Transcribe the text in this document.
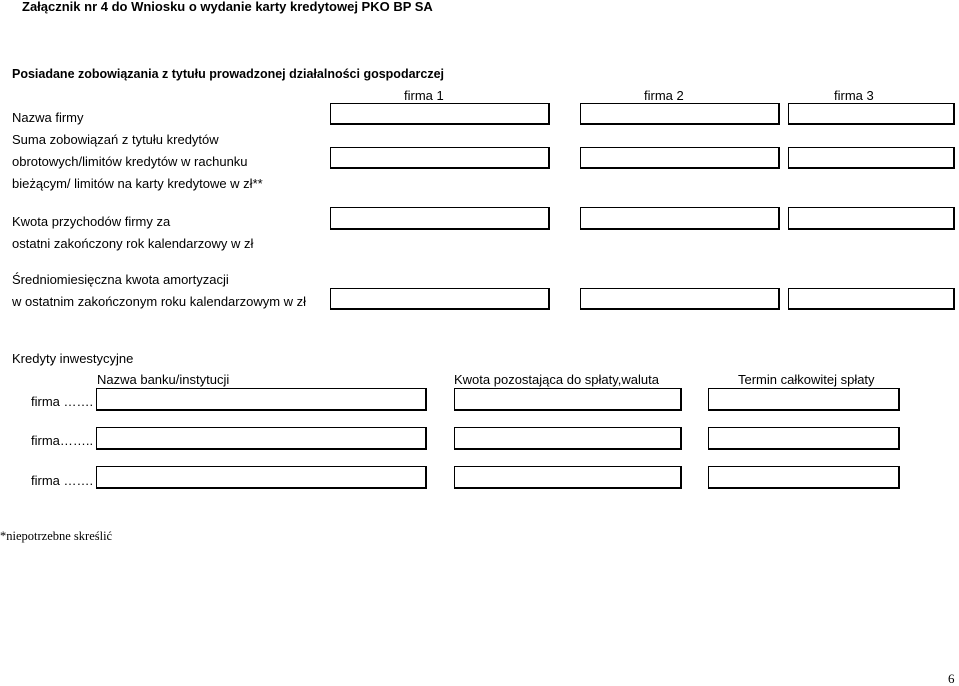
Załącznik nr 4 do Wniosku o wydanie karty kredytowej PKO BP SA
Posiadane zobowiązania z tytułu prowadzonej działalności gospodarczej
firma 1	firma 2	firma 3
Nazwa firmy
Suma zobowiązań z tytułu kredytów
obrotowych/limitów kredytów w rachunku
bieżącym/ limitów na karty kredytowe w zł**
Kwota przychodów firmy za
ostatni zakończony rok kalendarzowy w zł
Średniomiesięczna kwota amortyzacji
w ostatnim zakończonym roku kalendarzowym w zł
Kredyty inwestycyjne
Nazwa banku/instytucji	Kwota pozostająca do spłaty,waluta	Termin całkowitej spłaty
firma …….
firma……..
firma …….
*niepotrzebne skreślić
6
